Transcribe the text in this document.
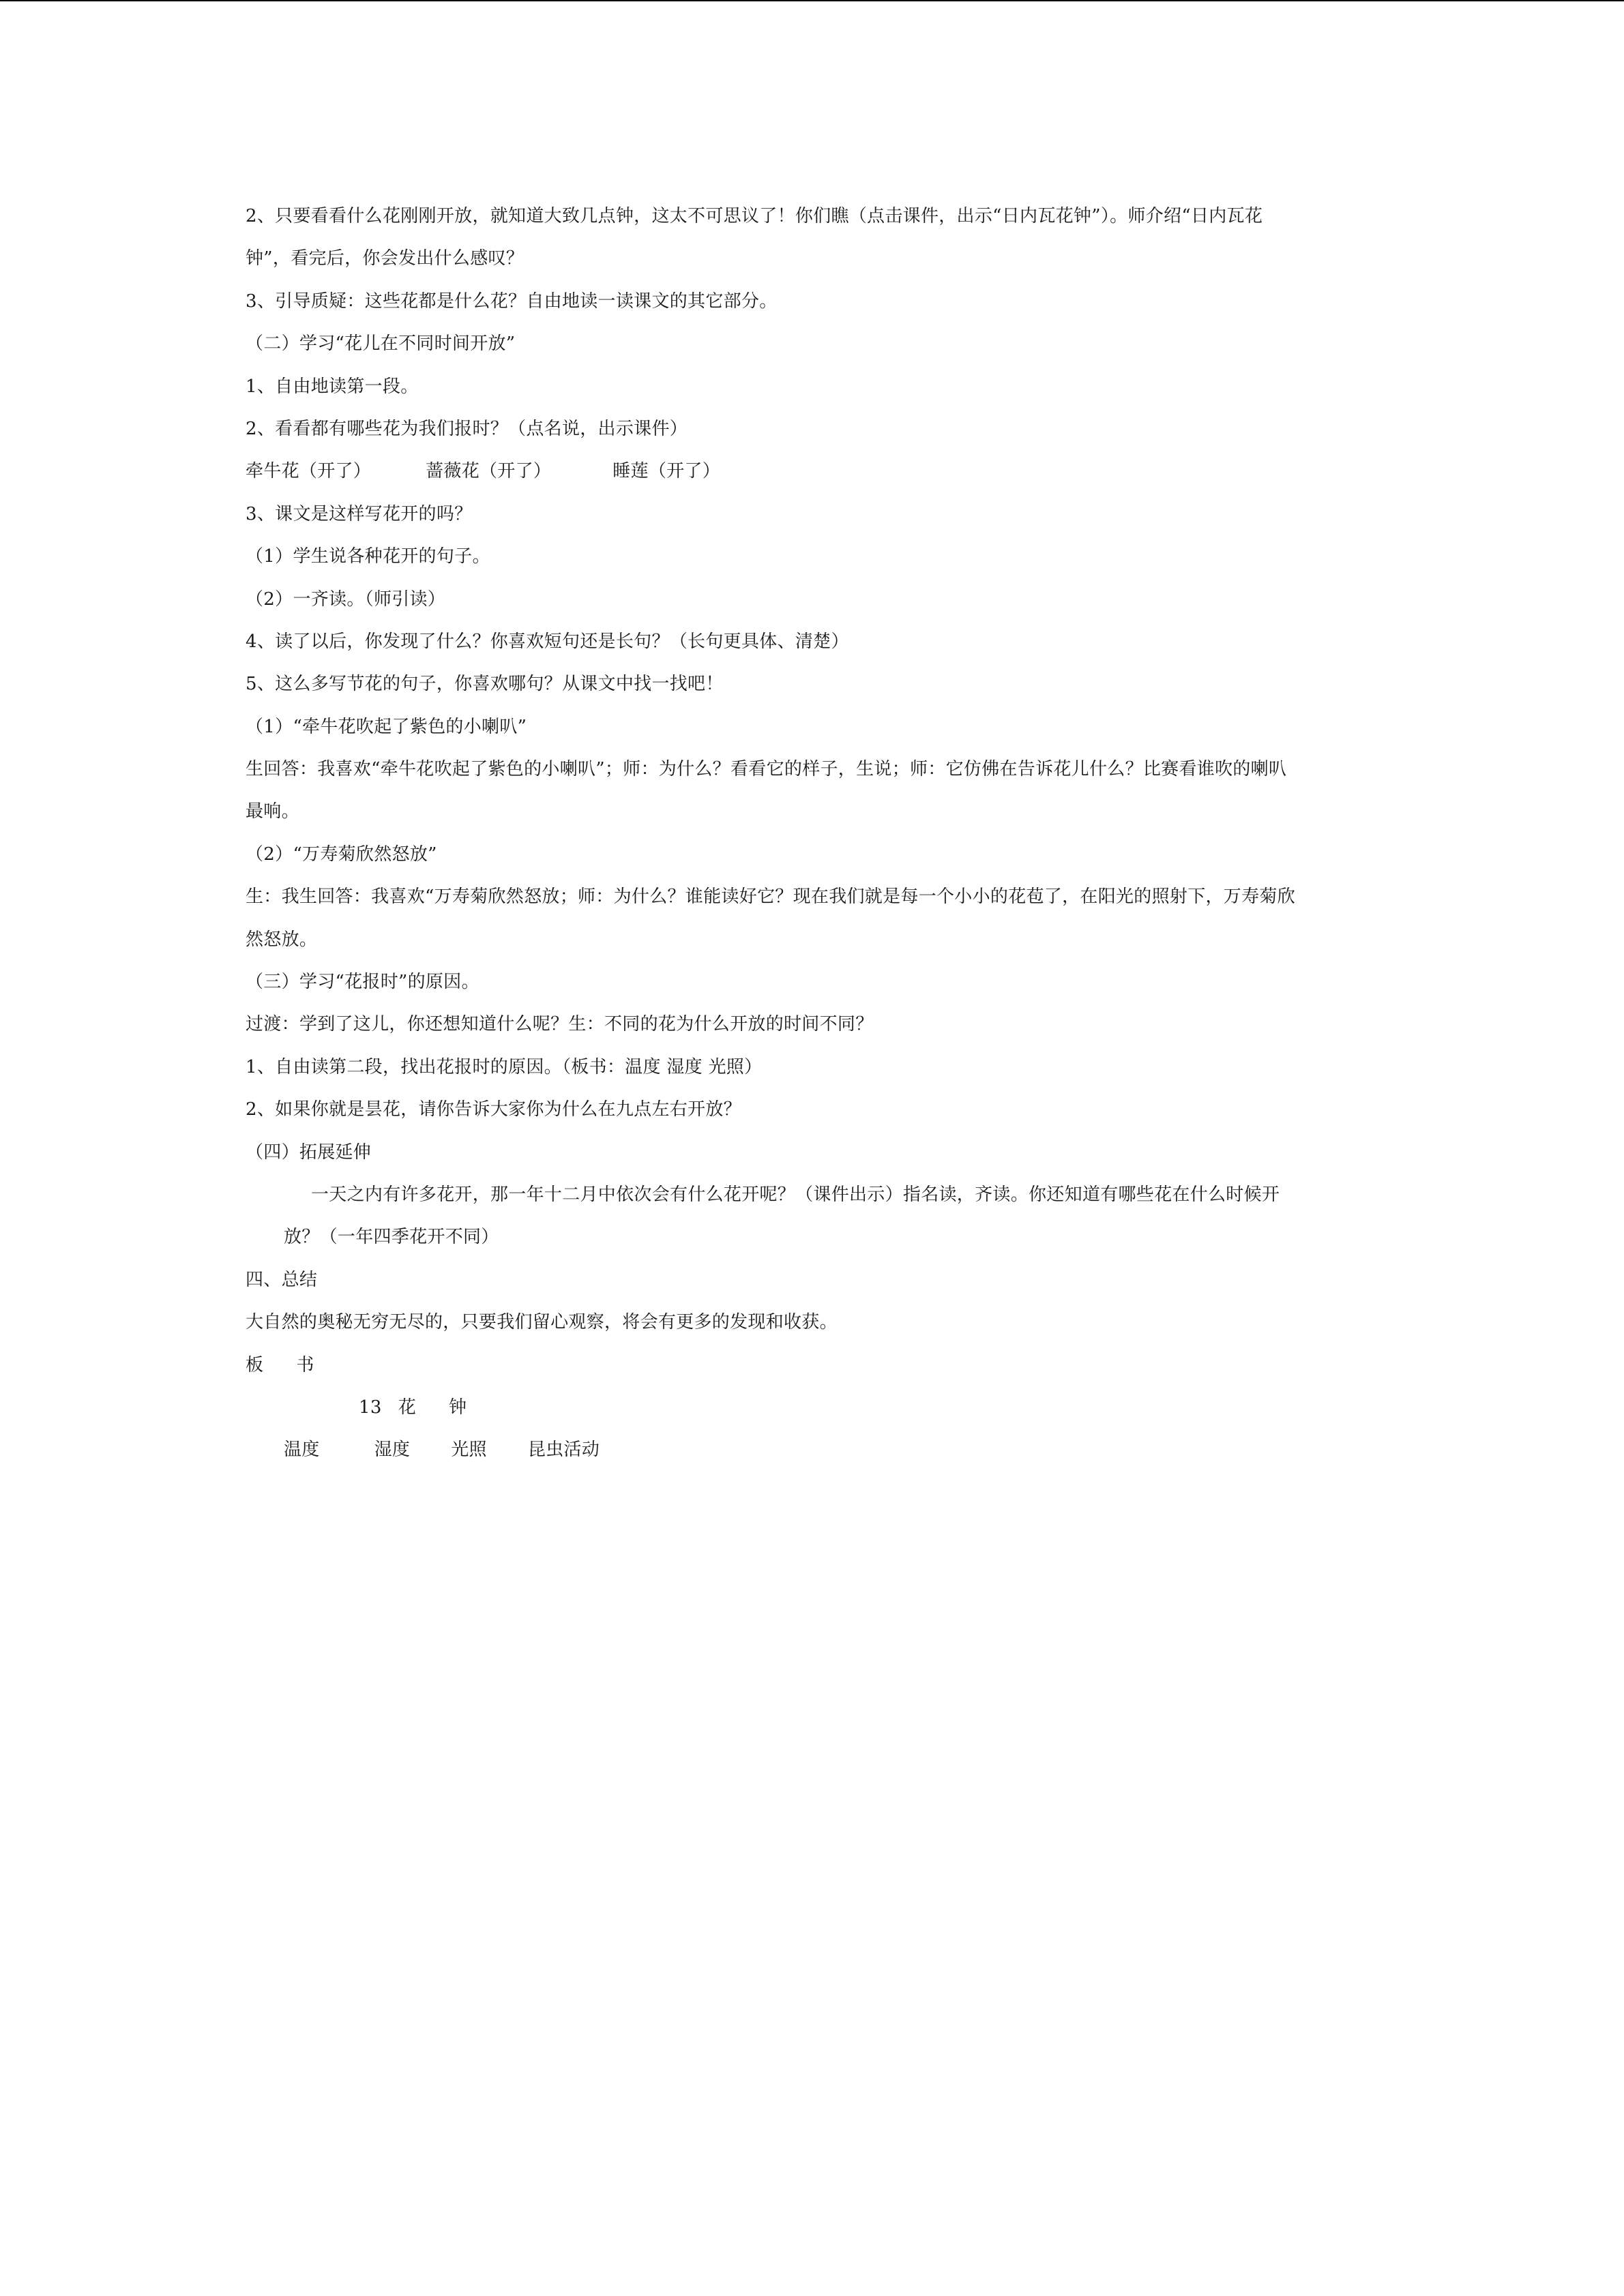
2、只要看看什么花刚刚开放，就知道大致几点钟，这太不可思议了！你们瞧（点击课件，出示“日内瓦花钟”）。师介绍“日内瓦花
钟”，看完后，你会发出什么感叹？
3、引导质疑：这些花都是什么花？自由地读一读课文的其它部分。
（二）学习“花儿在不同时间开放”
1、自由地读第一段。
2、看看都有哪些花为我们报时？（点名说，出示课件）
牵牛花（开了）	蔷薇花（开了）	睡莲（开了）
3、课文是这样写花开的吗？
（1）学生说各种花开的句子。
（2）一齐读。（师引读）
4、读了以后，你发现了什么？你喜欢短句还是长句？（长句更具体、清楚）
5、这么多写节花的句子，你喜欢哪句？从课文中找一找吧！
（1）“牵牛花吹起了紫色的小喇叭”
生回答：我喜欢“牵牛花吹起了紫色的小喇叭”；师：为什么？看看它的样子，生说；师：它仿佛在告诉花儿什么？比赛看谁吹的喇叭
最响。
（2）“万寿菊欣然怒放”
生：我生回答：我喜欢“万寿菊欣然怒放；师：为什么？谁能读好它？现在我们就是每一个小小的花苞了，在阳光的照射下，万寿菊欣
然怒放。
（三）学习“花报时”的原因。
过渡：学到了这儿，你还想知道什么呢？生：不同的花为什么开放的时间不同？
1、自由读第二段，找出花报时的原因。（板书：温度 湿度 光照）
2、如果你就是昙花，请你告诉大家你为什么在九点左右开放？
（四）拓展延伸
一天之内有许多花开，那一年十二月中依次会有什么花开呢？（课件出示）指名读，齐读。你还知道有哪些花在什么时候开
放？（一年四季花开不同）
四、总结
大自然的奥秘无穷无尽的，只要我们留心观察，将会有更多的发现和收获。
板 书
13 花 钟
温度	湿度 光照 昆虫活动
